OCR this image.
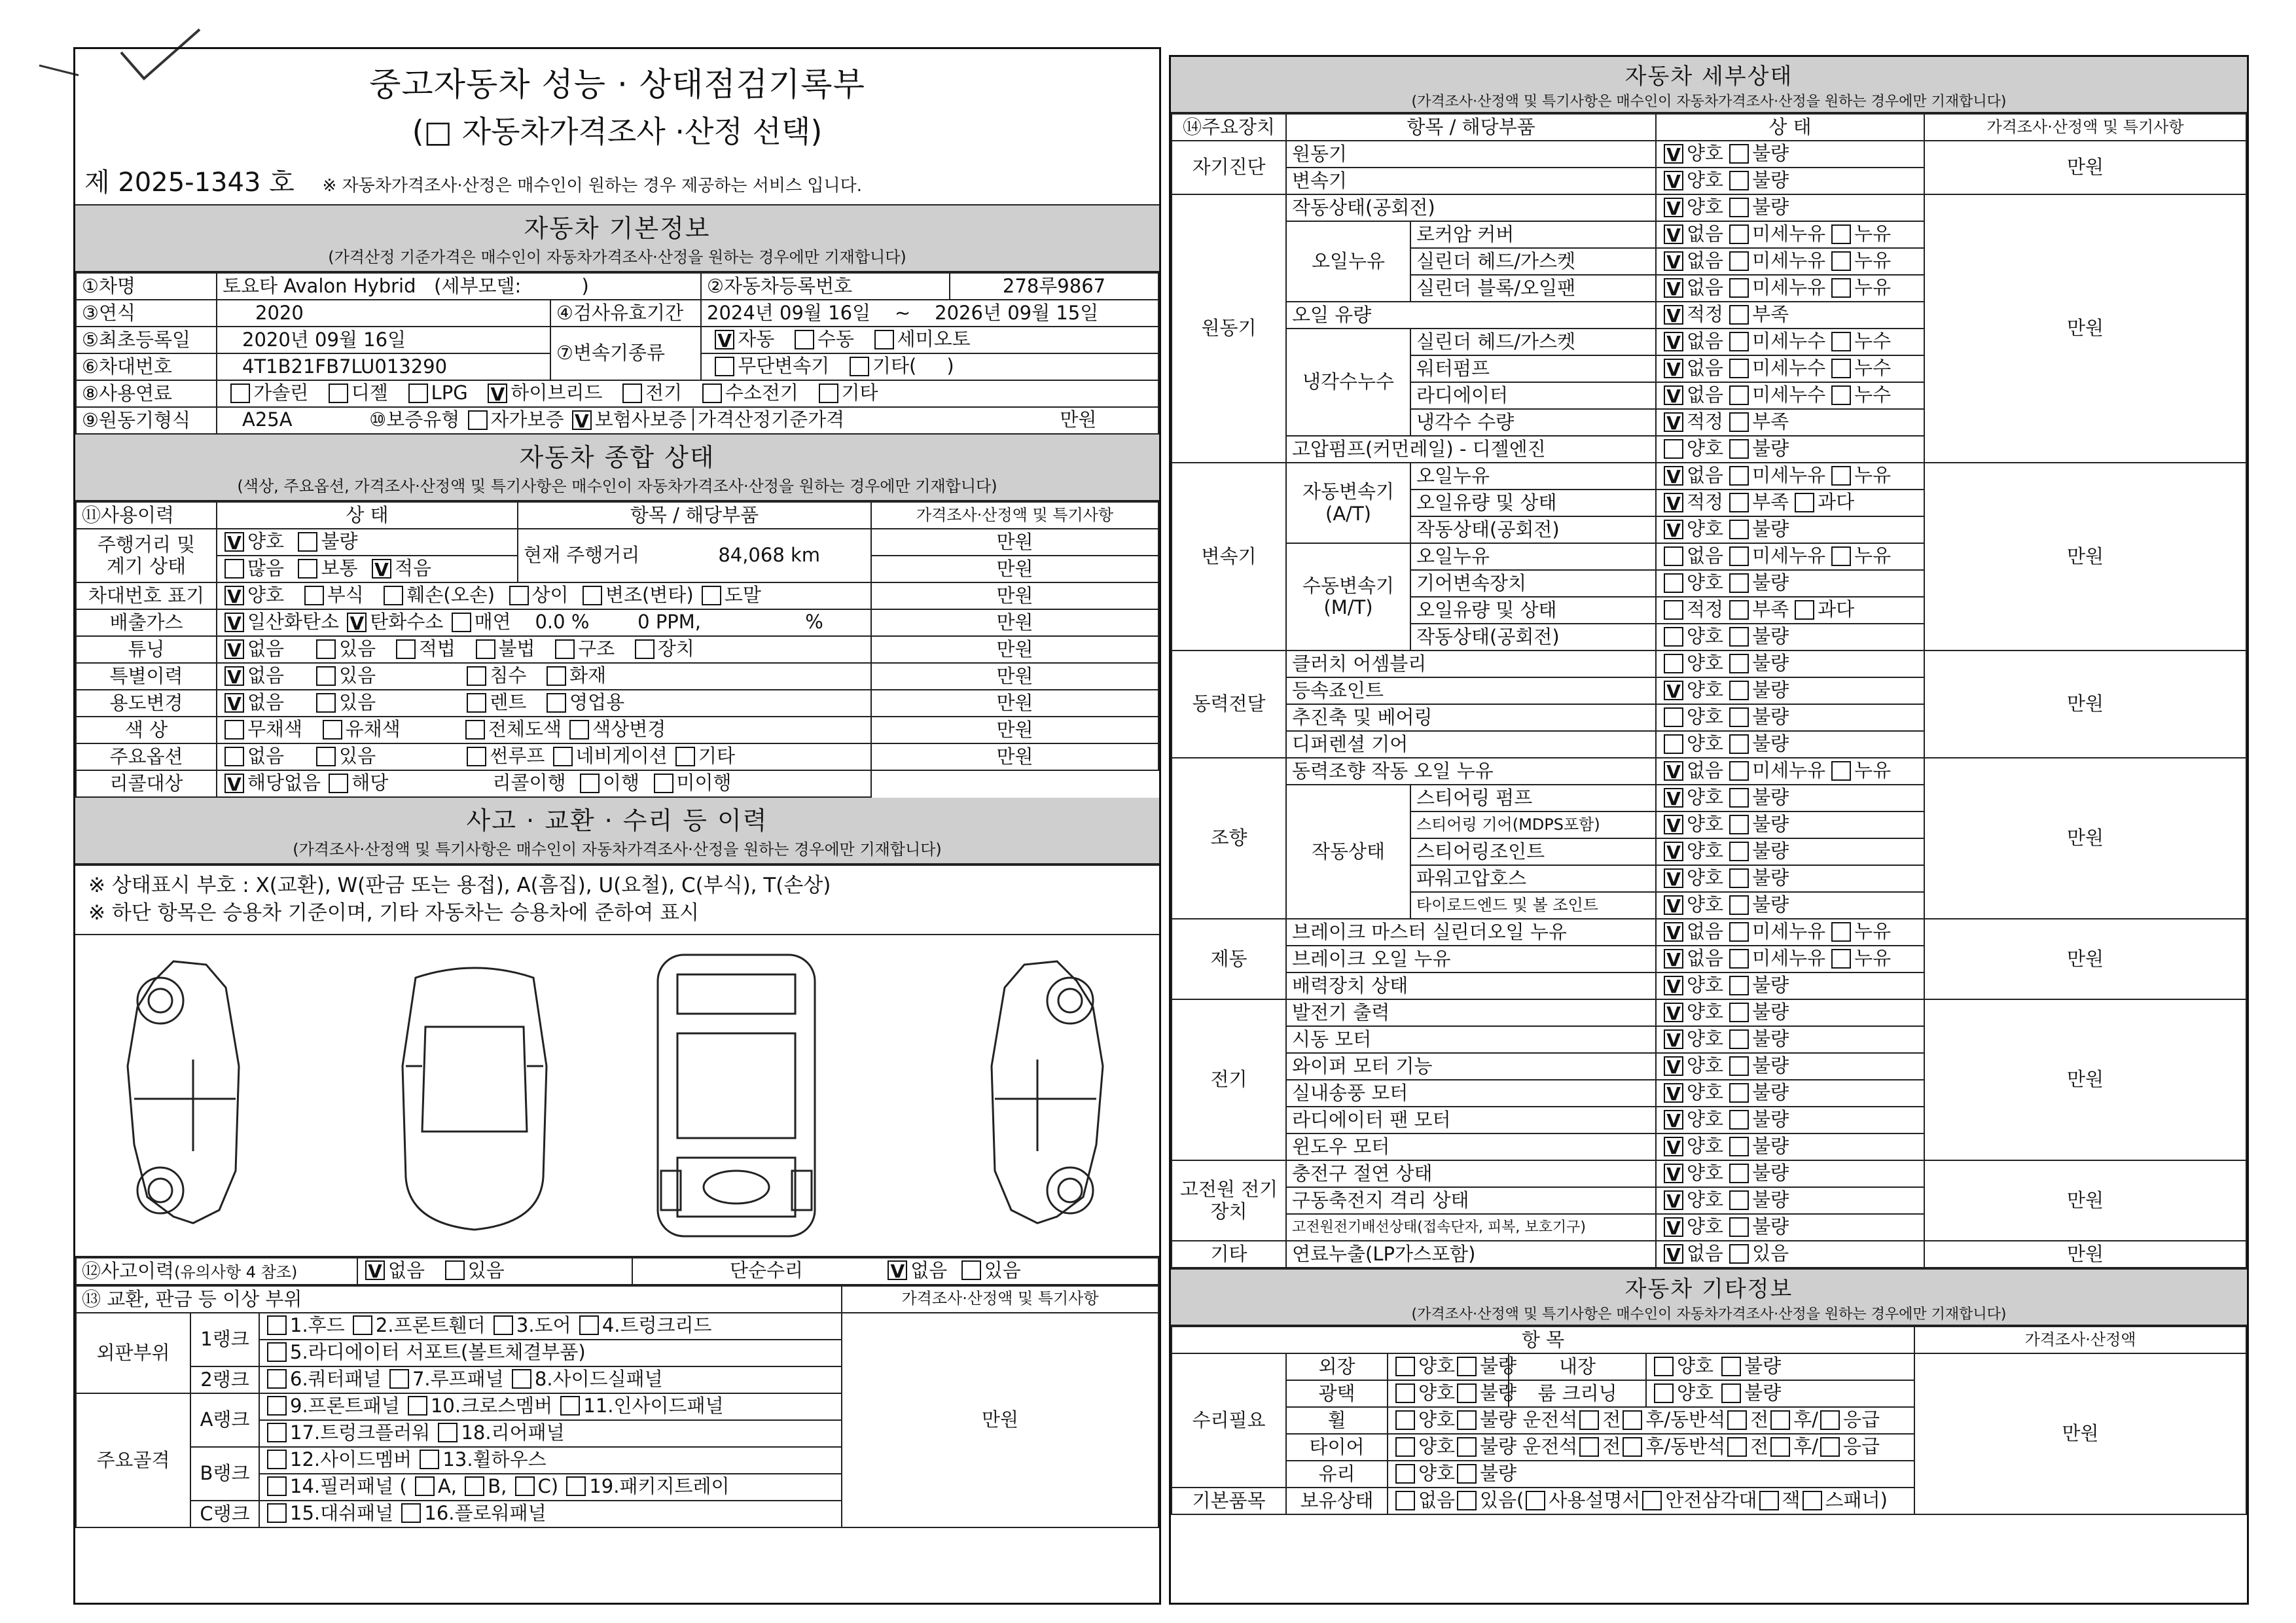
중고자동차 성능 · 상태점검기록부
(□ 자동차가격조사 ·산정 선택)
제 2025-1343 호 ※ 자동차가격조사·산정은 매수인이 원하는 경우 제공하는 서비스 입니다.
자동차 기본정보
(가격산정 기준가격은 매수인이 자동차가격조사·산정을 원하는 경우에만 기재합니다)
①차명	토요타 Avalon Hybrid (세부모델: )		②자동차등록번호	278루9867
③연식	2020	④검사유효기간	2024년 09월 16일 ~ 2026년 09월 15일	
⑤최초등록일	2020년 09월 16일	⑦변속기종류	V 자동 수동 세미오토	
⑥차대번호	4T1B21FB7LU013290		무단변속기 기타( )	
⑧사용연료	가솔린 디젤 LPG V 하이브리드 전기 수소전기 기타			
⑨원동기형식	A25A ⑩보증유형 자가보증 V 보험사보증 가격산정기준가격 만원			
자동차 종합 상태
(색상, 주요옵션, 가격조사·산정액 및 특기사항은 매수인이 자동차가격조사·산정을 원하는 경우에만 기재합니다)
⑪사용이력	상 태	항목 / 해당부품	가격조사·산정액 및 특기사항

주행거리 및
계기 상태	V 양호 불량	현재 주행거리 84,068 km	만원
	많음 보통 V 적음		만원
차대번호 표기	V 양호 부식 훼손(오손) 상이 변조(변타) 도말		만원
배출가스	V 일산화탄소 V 탄화수소 매연 0.0 % 0 PPM, %		만원
튜닝	V 없음 있음 적법 불법 구조 장치		만원
특별이력	V 없음 있음 침수 화재		만원
용도변경	V 없음 있음 렌트 영업용		만원
색 상	무채색 유채색 전체도색 색상변경		만원
주요옵션	없음 있음 썬루프 네비게이션 기타		만원
리콜대상	V 해당없음 해당 리콜이행 이행 미이행		
사고 · 교환 · 수리 등 이력
(가격조사·산정액 및 특기사항은 매수인이 자동차가격조사·산정을 원하는 경우에만 기재합니다)
※ 상태표시 부호 : X(교환), W(판금 또는 용접), A(흠집), U(요철), C(부식), T(손상)
※ 하단 항목은 승용차 기준이며, 기타 자동차는 승용차에 준하여 표시
⑫사고이력(유의사항 4 참조)	V 없음 있음	단순수리	V 없음 있음
⑬ 교환, 판금 등 이상 부위			가격조사·산정액 및 특기사항
외판부위	1랭크	1.후드 2.프론트휀더 3.도어 4.트렁크리드	만원
		5.라디에이터 서포트(볼트체결부품)	
	2랭크	6.쿼터패널 7.루프패널 8.사이드실패널	
주요골격	A랭크	9.프론트패널 10.크로스멤버 11.인사이드패널	
		17.트렁크플러워 18.리어패널	
	B랭크	12.사이드멤버 13.휠하우스	
		14.필러패널 ( A, B, C) 19.패키지트레이	
	C랭크	15.대쉬패널 16.플로워패널	
자동차 세부상태
(가격조사·산정액 및 특기사항은 매수인이 자동차가격조사·산정을 원하는 경우에만 기재합니다)
⑭주요장치	항목 / 해당부품		상 태	가격조사·산정액 및 특기사항
자기진단	원동기		V 양호 불량	만원
	변속기		V 양호 불량	
원동기	작동상태(공회전)		V 양호 불량	만원
	오일누유	로커암 커버	V 없음 미세누유 누유	
		실린더 헤드/가스켓	V 없음 미세누유 누유	
		실린더 블록/오일팬	V 없음 미세누유 누유	
	오일 유량		V 적정 부족	
	냉각수누수	실린더 헤드/가스켓	V 없음 미세누수 누수	
		워터펌프	V 없음 미세누수 누수	
		라디에이터	V 없음 미세누수 누수	
		냉각수 수량	V 적정 부족	
	고압펌프(커먼레일) - 디젤엔진		양호 불량	
변속기	자동변속기 (A/T)	오일누유	V 없음 미세누유 누유	만원
		오일유량 및 상태	V 적정 부족 과다	
		작동상태(공회전)	V 양호 불량	
	수동변속기 (M/T)	오일누유	없음 미세누유 누유	
		기어변속장치	양호 불량	
		오일유량 및 상태	적정 부족 과다	
		작동상태(공회전)	양호 불량	
동력전달	클러치 어셈블리		양호 불량	만원
	등속죠인트		V 양호 불량	
	추진축 및 베어링		양호 불량	
	디퍼렌셜 기어		양호 불량	
조향	동력조향 작동 오일 누유		V 없음 미세누유 누유	만원
	작동상태	스티어링 펌프	V 양호 불량	
		스티어링 기어(MDPS포함)	V 양호 불량	
		스티어링조인트	V 양호 불량	
		파워고압호스	V 양호 불량	
		타이로드엔드 및 볼 조인트	V 양호 불량	
제동	브레이크 마스터 실린더오일 누유		V 없음 미세누유 누유	만원
	브레이크 오일 누유		V 없음 미세누유 누유	
	배력장치 상태		V 양호 불량	
전기	발전기 출력		V 양호 불량	만원
	시동 모터		V 양호 불량	
	와이퍼 모터 기능		V 양호 불량	
	실내송풍 모터		V 양호 불량	
	라디에이터 팬 모터		V 양호 불량	
	윈도우 모터		V 양호 불량	
고전원 전기장치	충전구 절연 상태		V 양호 불량	만원
	구동축전지 격리 상태		V 양호 불량	
	고전원전기배선상태(접속단자, 피복, 보호기구)		V 양호 불량	
기타	연료누출(LP가스포함)		V 없음 있음	만원
자동차 기타정보
(가격조사·산정액 및 특기사항은 매수인이 자동차가격조사·산정을 원하는 경우에만 기재합니다)
항 목					가격조사·산정액
수리필요	외장	양호 불량	내장	양호 불량	만원
	광택	양호 불량	룸 크리닝	양호 불량	
	휠	양호 불량 운전석 전 후/동반석 전 후/ 응급			
	타이어	양호 불량 운전석 전 후/동반석 전 후/ 응급			
	유리	양호 불량			
기본품목	보유상태	없음 있음( 사용설명서 안전삼각대 잭 스패너)			
